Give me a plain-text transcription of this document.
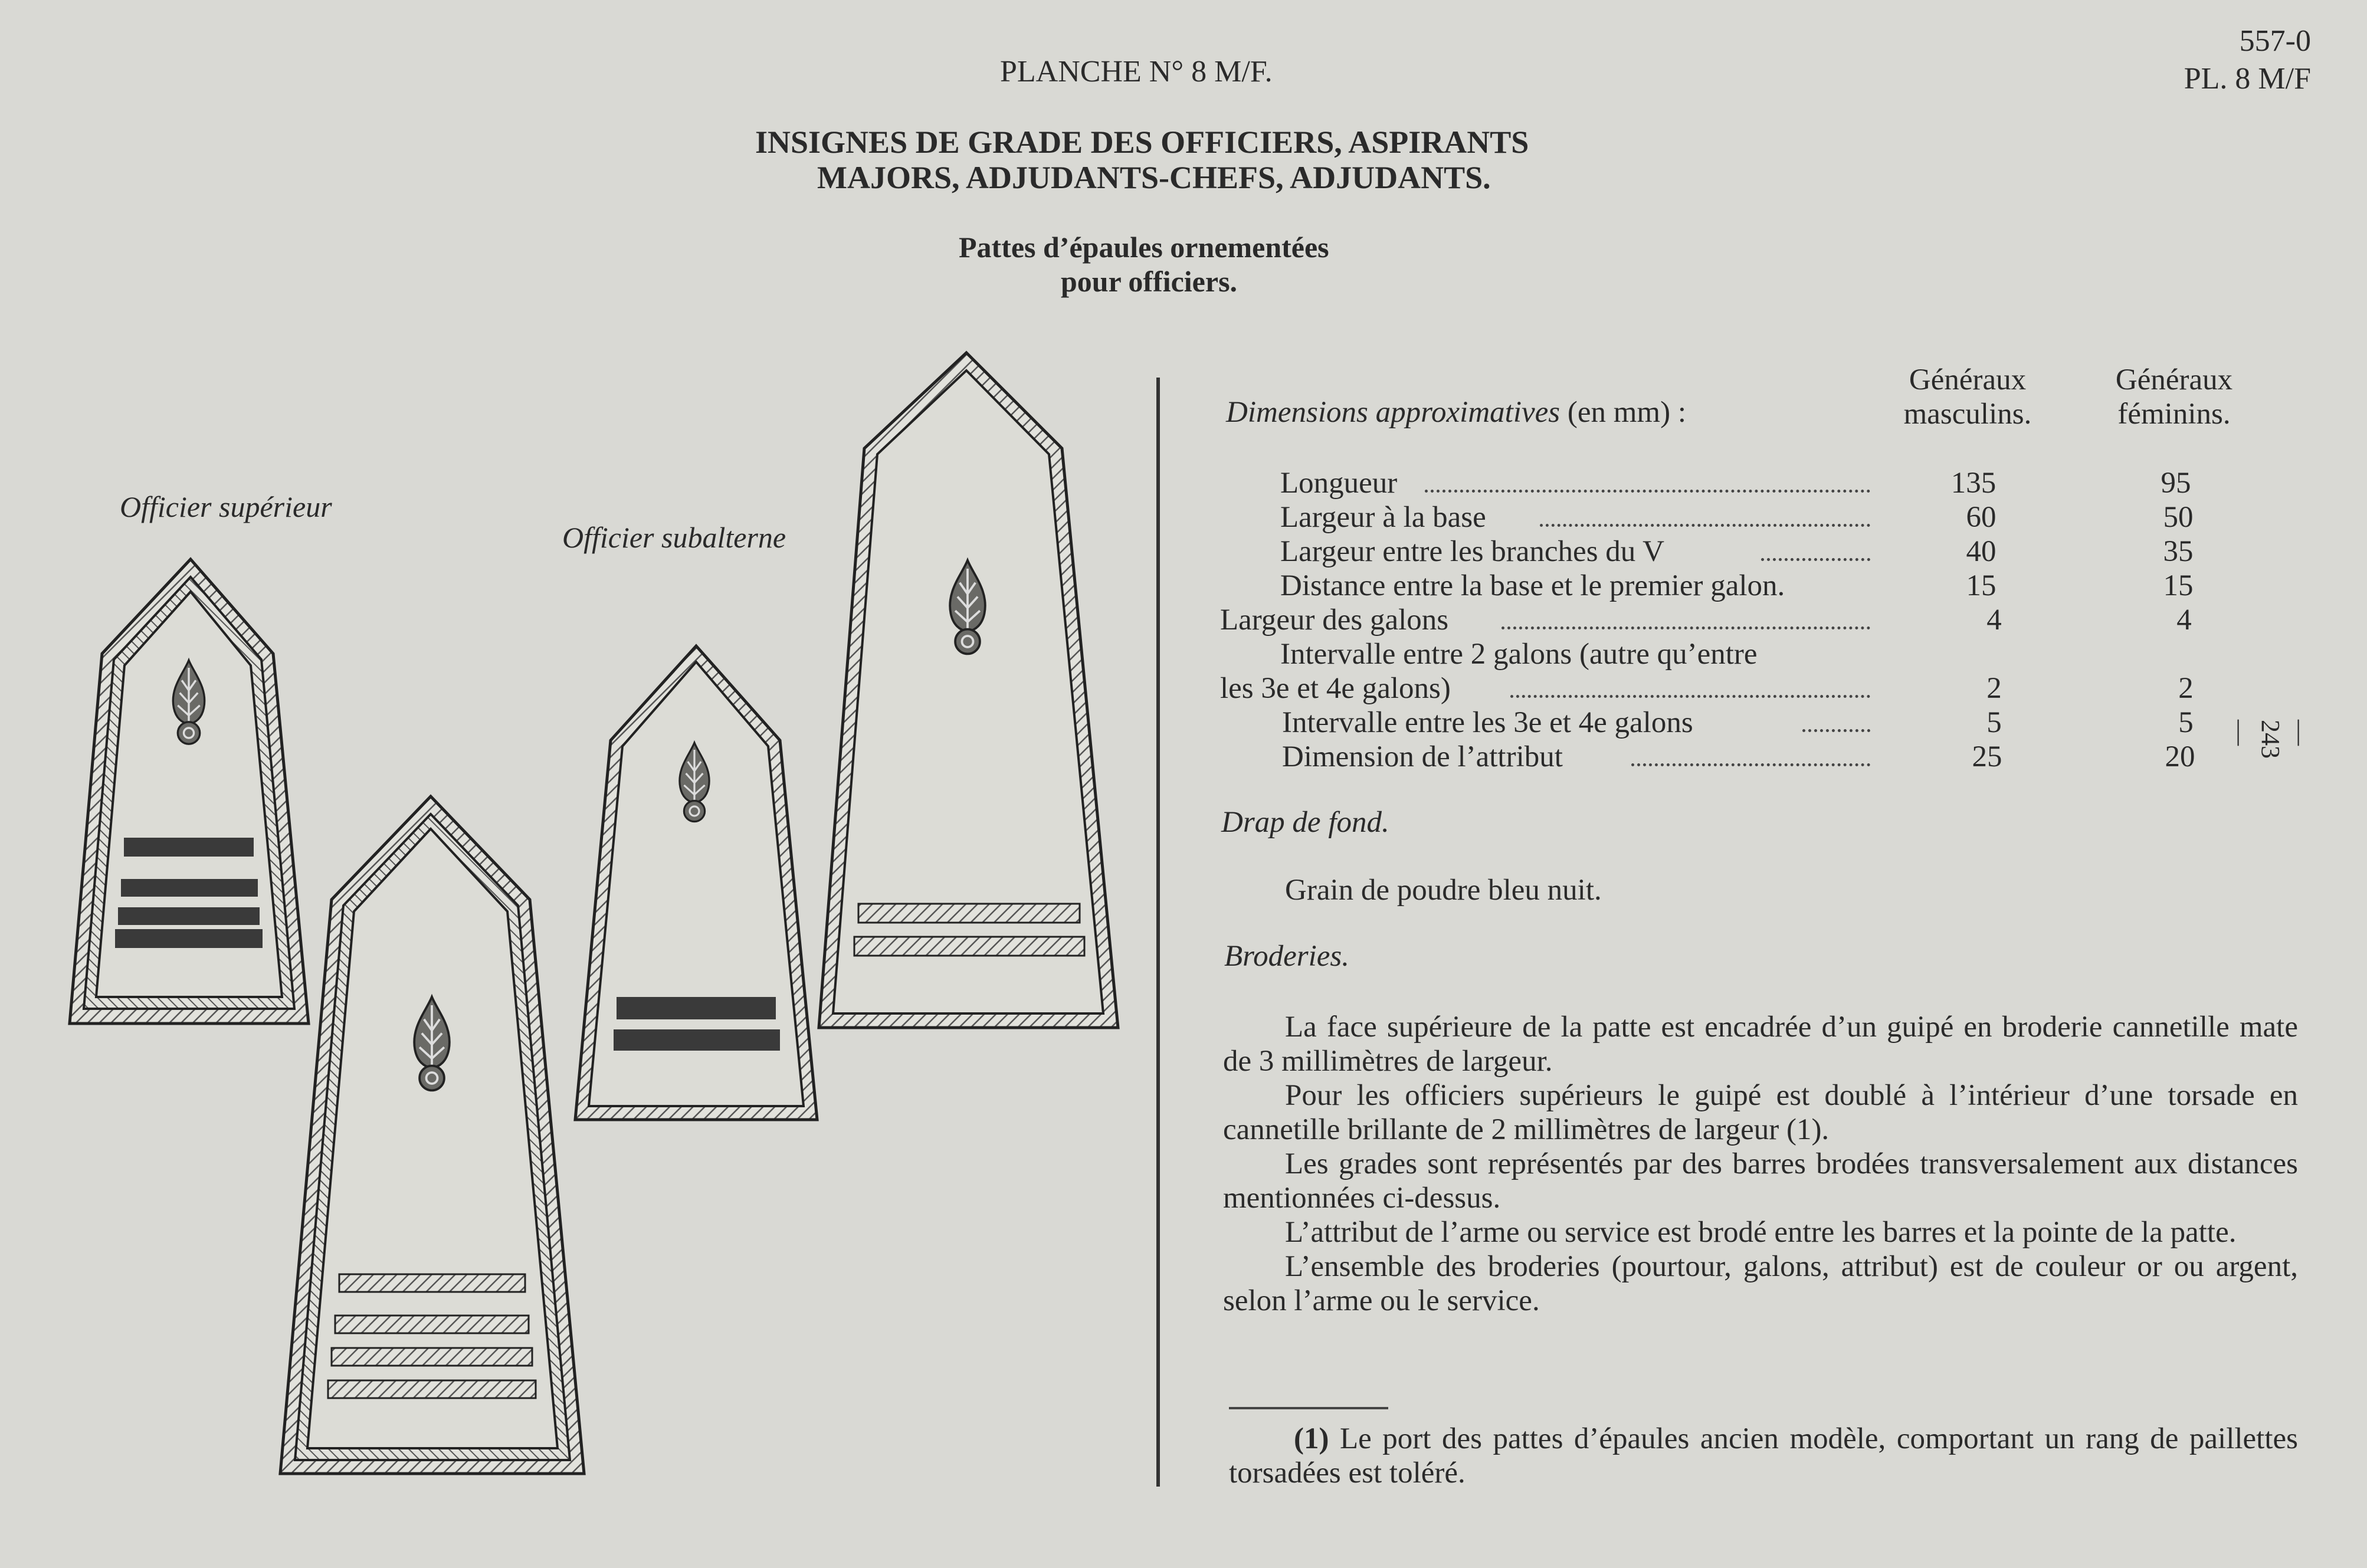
PLANCHE N° 8 M/F.
557-0
PL. 8 M/F
INSIGNES DE GRADE DES OFFICIERS, ASPIRANTS
MAJORS, ADJUDANTS-CHEFS, ADJUDANTS.
Pattes d’épaules ornementées
pour officiers.
Officier supérieur
Officier subalterne
Dimensions approximatives (en mm) :
Généraux
masculins.
Généraux
féminins.
Longueur	135	95
Largeur à la base	60	50
Largeur entre les branches du V	40	35
Distance entre la base et le premier galon.	15	15
Largeur des galons	4	4
Intervalle entre 2 galons (autre qu’entre
les 3e et 4e galons)	2	2
Intervalle entre les 3e et 4e galons	5	5
Dimension de l’attribut	25	20
Drap de fond.
Grain de poudre bleu nuit.
Broderies.

La face supérieure de la patte est encadrée d’un guipé en broderie cannetille mate de 3 millimètres de largeur.

Pour les officiers supérieurs le guipé est doublé à l’intérieur d’une torsade en cannetille brillante de 2 millimètres de largeur (1).

Les grades sont représentés par des barres brodées transversalement aux distances mentionnées ci-dessus.

L’attribut de l’arme ou service est brodé entre les barres et la pointe de la patte.

L’ensemble des broderies (pourtour, galons, attribut) est de couleur or ou argent, selon l’arme ou le service.

(1) Le port des pattes d’épaules ancien modèle, comportant un rang de paillettes torsadées est toléré.

— 243 —
